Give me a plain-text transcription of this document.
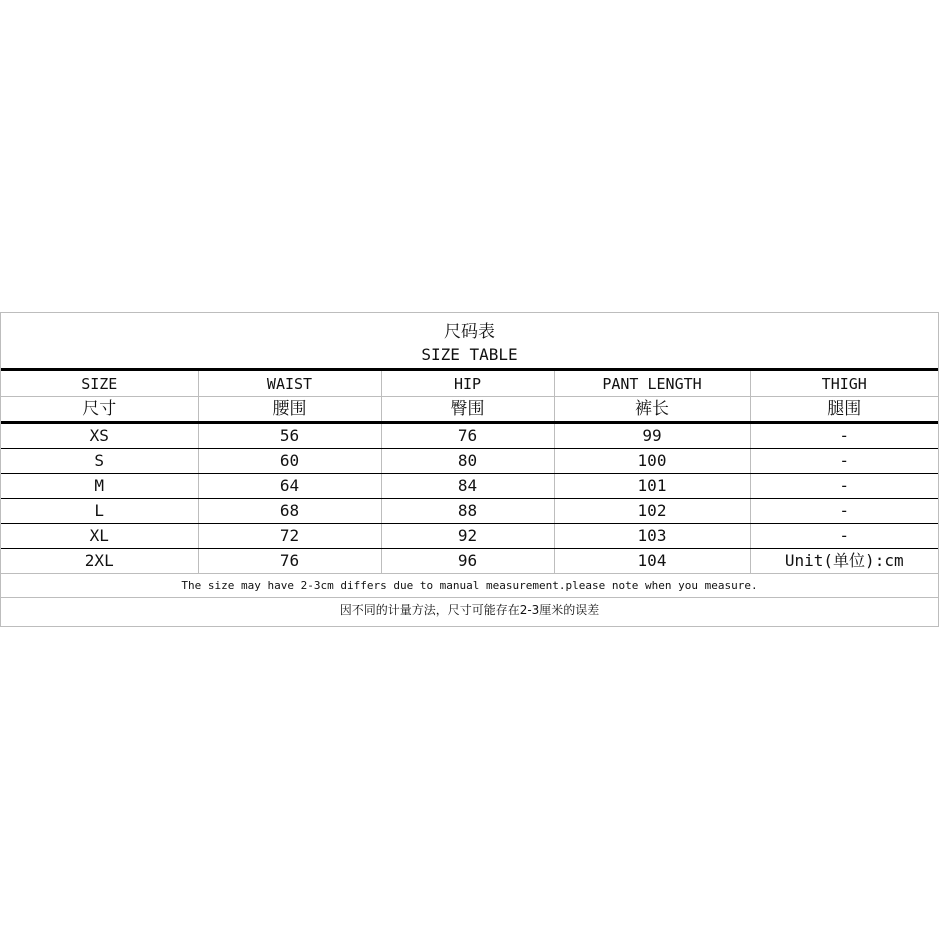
尺码表
SIZE TABLE
SIZE	WAIST	HIP	PANT LENGTH	THIGH
尺寸	腰围	臀围	裤长	腿围
XS	56	76	99	-
S	60	80	100	-
M	64	84	101	-
L	68	88	102	-
XL	72	92	103	-
2XL	76	96	104	Unit(单位):cm
The size may have 2-3cm differs due to manual measurement.please note when you measure.
因不同的计量方法，尺寸可能存在2-3厘米的误差
